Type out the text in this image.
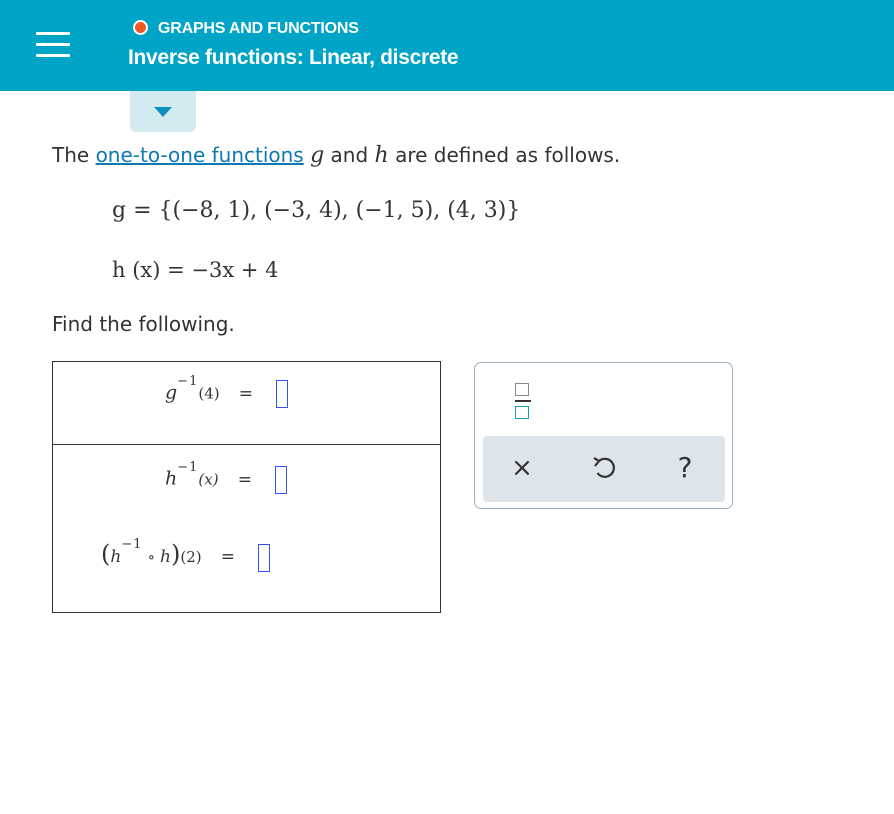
GRAPHS AND FUNCTIONS
Inverse functions: Linear, discrete
The one-to-one functions g and h are defined as follows.
g = {(−8, 1), (−3, 4), (−1, 5), (4, 3)}
h (x) = −3x + 4
Find the following.
$g^{-1}(4)$ =
$h^{-1}(x)$ =
($h^{-1}$ ∘ h)(2) =
×	?
